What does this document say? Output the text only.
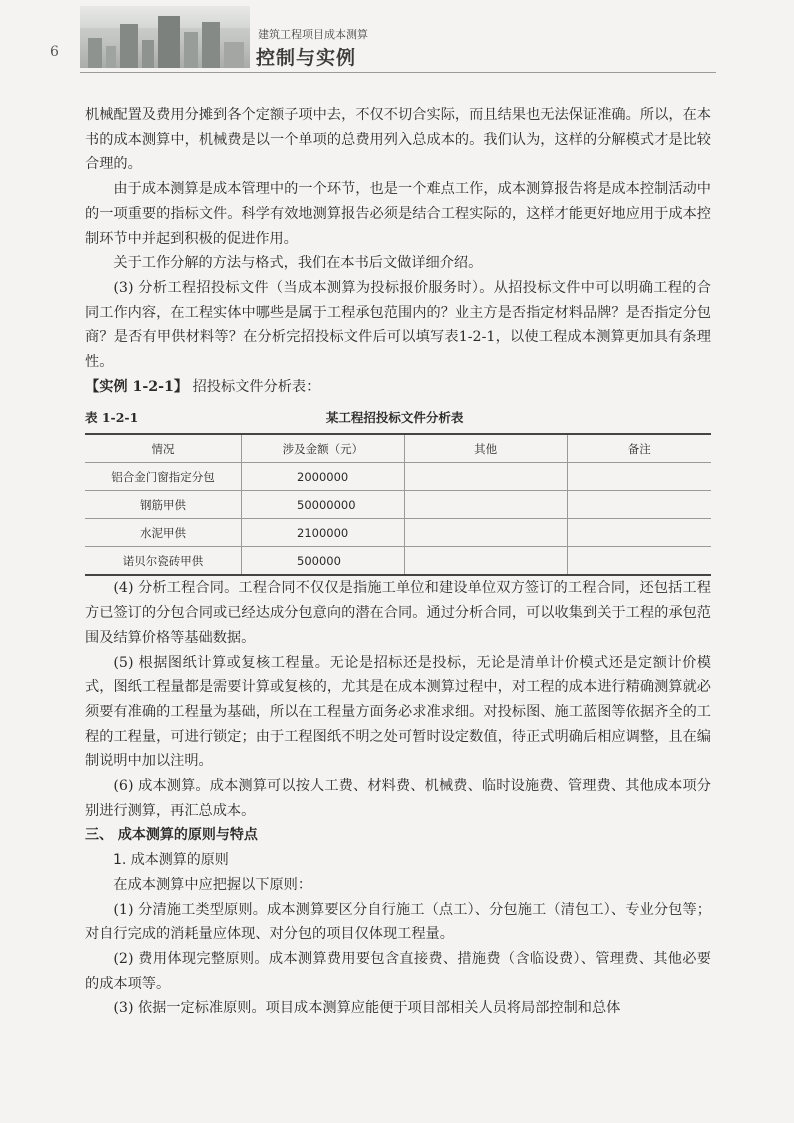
6
建筑工程项目成本测算
控制与实例

机械配置及费用分摊到各个定额子项中去，不仅不切合实际，而且结果也无法保证准确。所以，在本书的成本测算中，机械费是以一个单项的总费用列入总成本的。我们认为，这样的分解模式才是比较合理的。

由于成本测算是成本管理中的一个环节，也是一个难点工作，成本测算报告将是成本控制活动中的一项重要的指标文件。科学有效地测算报告必须是结合工程实际的，这样才能更好地应用于成本控制环节中并起到积极的促进作用。

关于工作分解的方法与格式，我们在本书后文做详细介绍。

(3) 分析工程招投标文件（当成本测算为投标报价服务时）。从招投标文件中可以明确工程的合同工作内容，在工程实体中哪些是属于工程承包范围内的？业主方是否指定材料品牌？是否指定分包商？是否有甲供材料等？在分析完招投标文件后可以填写表1-2-1，以使工程成本测算更加具有条理性。

【实例 1-2-1】 招投标文件分析表：

表 1-2-1	某工程招投标文件分析表
情况	涉及金额（元）	其他	备注
铝合金门窗指定分包	2000000		
钢筋甲供	50000000		
水泥甲供	2100000		
诺贝尔瓷砖甲供	500000		

(4) 分析工程合同。工程合同不仅仅是指施工单位和建设单位双方签订的工程合同，还包括工程方已签订的分包合同或已经达成分包意向的潜在合同。通过分析合同，可以收集到关于工程的承包范围及结算价格等基础数据。

(5) 根据图纸计算或复核工程量。无论是招标还是投标，无论是清单计价模式还是定额计价模式，图纸工程量都是需要计算或复核的，尤其是在成本测算过程中，对工程的成本进行精确测算就必须要有准确的工程量为基础，所以在工程量方面务必求准求细。对投标图、施工蓝图等依据齐全的工程的工程量，可进行锁定；由于工程图纸不明之处可暂时设定数值，待正式明确后相应调整，且在编制说明中加以注明。

(6) 成本测算。成本测算可以按人工费、材料费、机械费、临时设施费、管理费、其他成本项分别进行测算，再汇总成本。

三、 成本测算的原则与特点

1. 成本测算的原则

在成本测算中应把握以下原则：

(1) 分清施工类型原则。成本测算要区分自行施工（点工）、分包施工（清包工）、专业分包等；对自行完成的消耗量应体现、对分包的项目仅体现工程量。

(2) 费用体现完整原则。成本测算费用要包含直接费、措施费（含临设费）、管理费、其他必要的成本项等。

(3) 依据一定标准原则。项目成本测算应能便于项目部相关人员将局部控制和总体
